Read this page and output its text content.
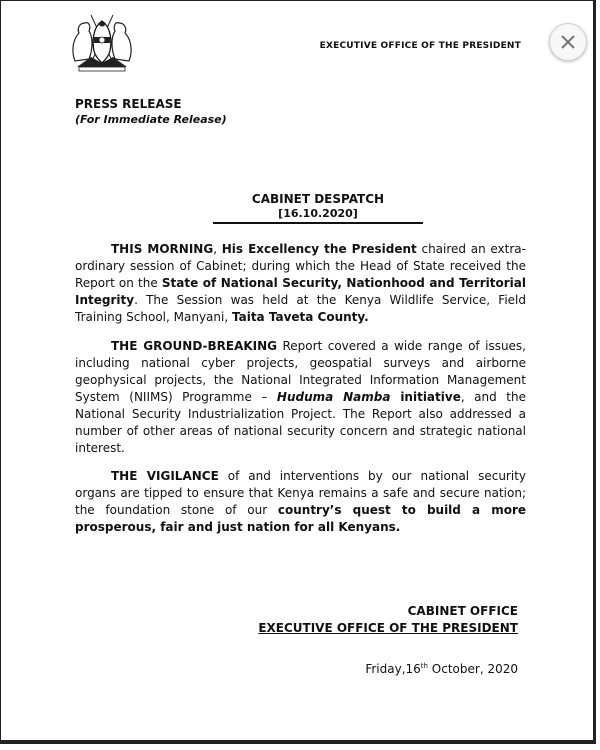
EXECUTIVE OFFICE OF THE PRESIDENT
PRESS RELEASE
(For Immediate Release)
CABINET DESPATCH
[16.10.2020]

THIS MORNING, His Excellency the President chaired an extra-ordinary session of Cabinet; during which the Head of State received the Report on the State of National Security, Nationhood and Territorial Integrity. The Session was held at the Kenya Wildlife Service, Field Training School, Manyani, Taita Taveta County.

THE GROUND-BREAKING Report covered a wide range of issues, including national cyber projects, geospatial surveys and airborne geophysical projects, the National Integrated Information Management System (NIIMS) Programme – Huduma Namba initiative, and the National Security Industrialization Project. The Report also addressed a number of other areas of national security concern and strategic national interest.

THE VIGILANCE of and interventions by our national security organs are tipped to ensure that Kenya remains a safe and secure nation; the foundation stone of our country’s quest to build a more prosperous, fair and just nation for all Kenyans.

CABINET OFFICE
EXECUTIVE OFFICE OF THE PRESIDENT
Friday,16th October, 2020
